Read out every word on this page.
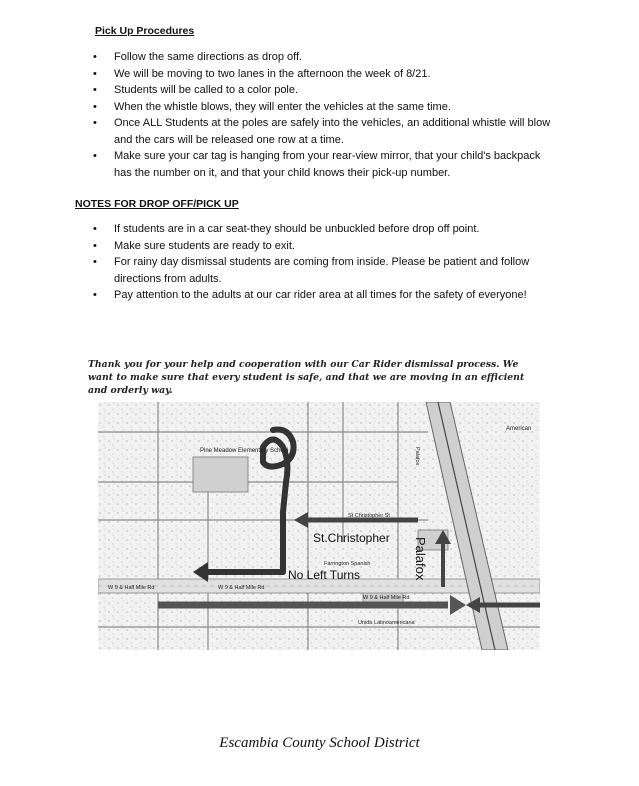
Pick Up Procedures
• Follow the same directions as drop off.
• We will be moving to two lanes in the afternoon the week of 8/21.
• Students will be called to a color pole.
• When the whistle blows, they will enter the vehicles at the same time.
• Once ALL Students at the poles are safely into the vehicles, an additional whistle will blow and the cars will be released one row at a time.
• Make sure your car tag is hanging from your rear-view mirror, that your child's backpack has the number on it, and that your child knows their pick-up number.
NOTES FOR DROP OFF/PICK UP
• If students are in a car seat-they should be unbuckled before drop off point.
• Make sure students are ready to exit.
• For rainy day dismissal students are coming from inside. Please be patient and follow directions from adults.
• Pay attention to the adults at our car rider area at all times for the safety of everyone!
Thank you for your help and cooperation with our Car Rider dismissal process. We want to make sure that every student is safe, and that we are moving in an efficient and orderly way.
Pine Meadow Elementary School
St.Christopher
St Christopher St
No Left Turns
W 9 & Half Mile Rd	W 9 & Half Mile Rd
W 9 & Half Mile Rd
Farrington Spanish
Unida Latinoamericana
American
Palafox
Palafox
Escambia County School District
